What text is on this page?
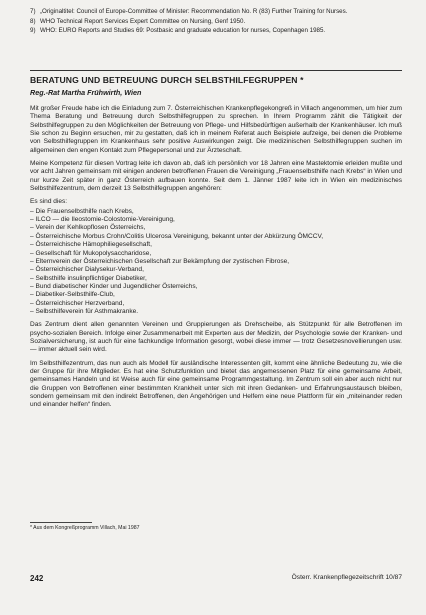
7) „Originaltitel: Council of Europe-Committee of Minister: Recommendation No. R (83) Further Training for Nurses.
8) WHO Technical Report Services Expert Committee on Nursing, Genf 1950.
9) WHO: EURO Reports and Studies 69: Postbasic and graduate education for nurses, Copenhagen 1985.
BERATUNG UND BETREUUNG DURCH SELBSTHILFEGRUPPEN *
Reg.-Rat Martha Frühwirth, Wien

Mit großer Freude habe ich die Einladung zum 7. Österreichischen Krankenpflegekongreß in Villach angenommen, um hier zum Thema Beratung und Betreuung durch Selbsthilfegruppen zu sprechen. In Ihrem Programm zählt die Tätigkeit der Selbsthilfegruppen zu den Möglichkeiten der Betreuung von Pflege- und Hilfsbedürftigen außerhalb der Krankenhäuser. Ich muß Sie schon zu Beginn ersuchen, mir zu gestatten, daß ich in meinem Referat auch Beispiele aufzeige, bei denen die Probleme von Selbsthilfegruppen im Krankenhaus sehr positive Auswirkungen zeigt. Die medizinischen Selbsthilfegruppen suchen im allgemeinen den engen Kontakt zum Pflegepersonal und zur Ärzteschaft.

Meine Kompetenz für diesen Vortrag leite ich davon ab, daß ich persönlich vor 18 Jahren eine Mastektomie erleiden mußte und vor acht Jahren gemeinsam mit einigen anderen betroffenen Frauen die Vereinigung „Frauenselbsthilfe nach Krebs“ in Wien und nur kurze Zeit später in ganz Österreich aufbauen konnte. Seit dem 1. Jänner 1987 leite ich in Wien ein medizinisches Selbsthilfezentrum, dem derzeit 13 Selbsthilfegruppen angehören:

Es sind dies:

– Die Frauenselbsthilfe nach Krebs,
– ILCO — die Ileostomie-Colostomie-Vereinigung,
– Verein der Kehlkopflosen Österreichs,
– Österreichische Morbus Crohn/Colitis Ulcerosa Vereinigung, bekannt unter der Abkürzung ÖMCCV,
– Österreichische Hämophiliegesellschaft,
– Gesellschaft für Mukopolysaccharidose,
– Elternverein der Österreichischen Gesellschaft zur Bekämpfung der zystischen Fibrose,
– Österreichischer Dialysekur-Verband,
– Selbsthilfe insulinpflichtiger Diabetiker,
– Bund diabetischer Kinder und Jugendlicher Österreichs,
– Diabetiker-Selbsthilfe-Club,
– Österreichischer Herzverband,
– Selbsthilfeverein für Asthmakranke.

Das Zentrum dient allen genannten Vereinen und Gruppierungen als Drehscheibe, als Stützpunkt für alle Betroffenen im psycho-sozialen Bereich. Infolge einer Zusammenarbeit mit Experten aus der Medizin, der Psychologie sowie der Kranken- und Sozialversicherung, ist auch für eine fachkundige Information gesorgt, wobei diese immer — trotz Gesetzesnovellierungen usw. — immer aktuell sein wird.

Im Selbsthilfezentrum, das nun auch als Modell für ausländische Interessenten gilt, kommt eine ähnliche Bedeutung zu, wie die der Gruppe für ihre Mitglieder. Es hat eine Schutzfunktion und bietet das angemessenen Platz für eine gemeinsame Arbeit, gemeinsames Handeln und ist Weise auch für eine gemeinsame Programmgestaltung. Im Zentrum soll ein aber auch nicht nur die Gruppen von Betroffenen einer bestimmten Krankheit unter sich mit ihren Gedanken- und Erfahrungsaustausch bleiben, sondern gemeinsam mit den indirekt Betroffenen, den Angehörigen und Helfern eine neue Plattform für ein „miteinander reden und einander helfen“ finden.

* Aus dem Kongreßprogramm Villach, Mai 1987
242	Österr. Krankenpflegezeitschrift 10/87
